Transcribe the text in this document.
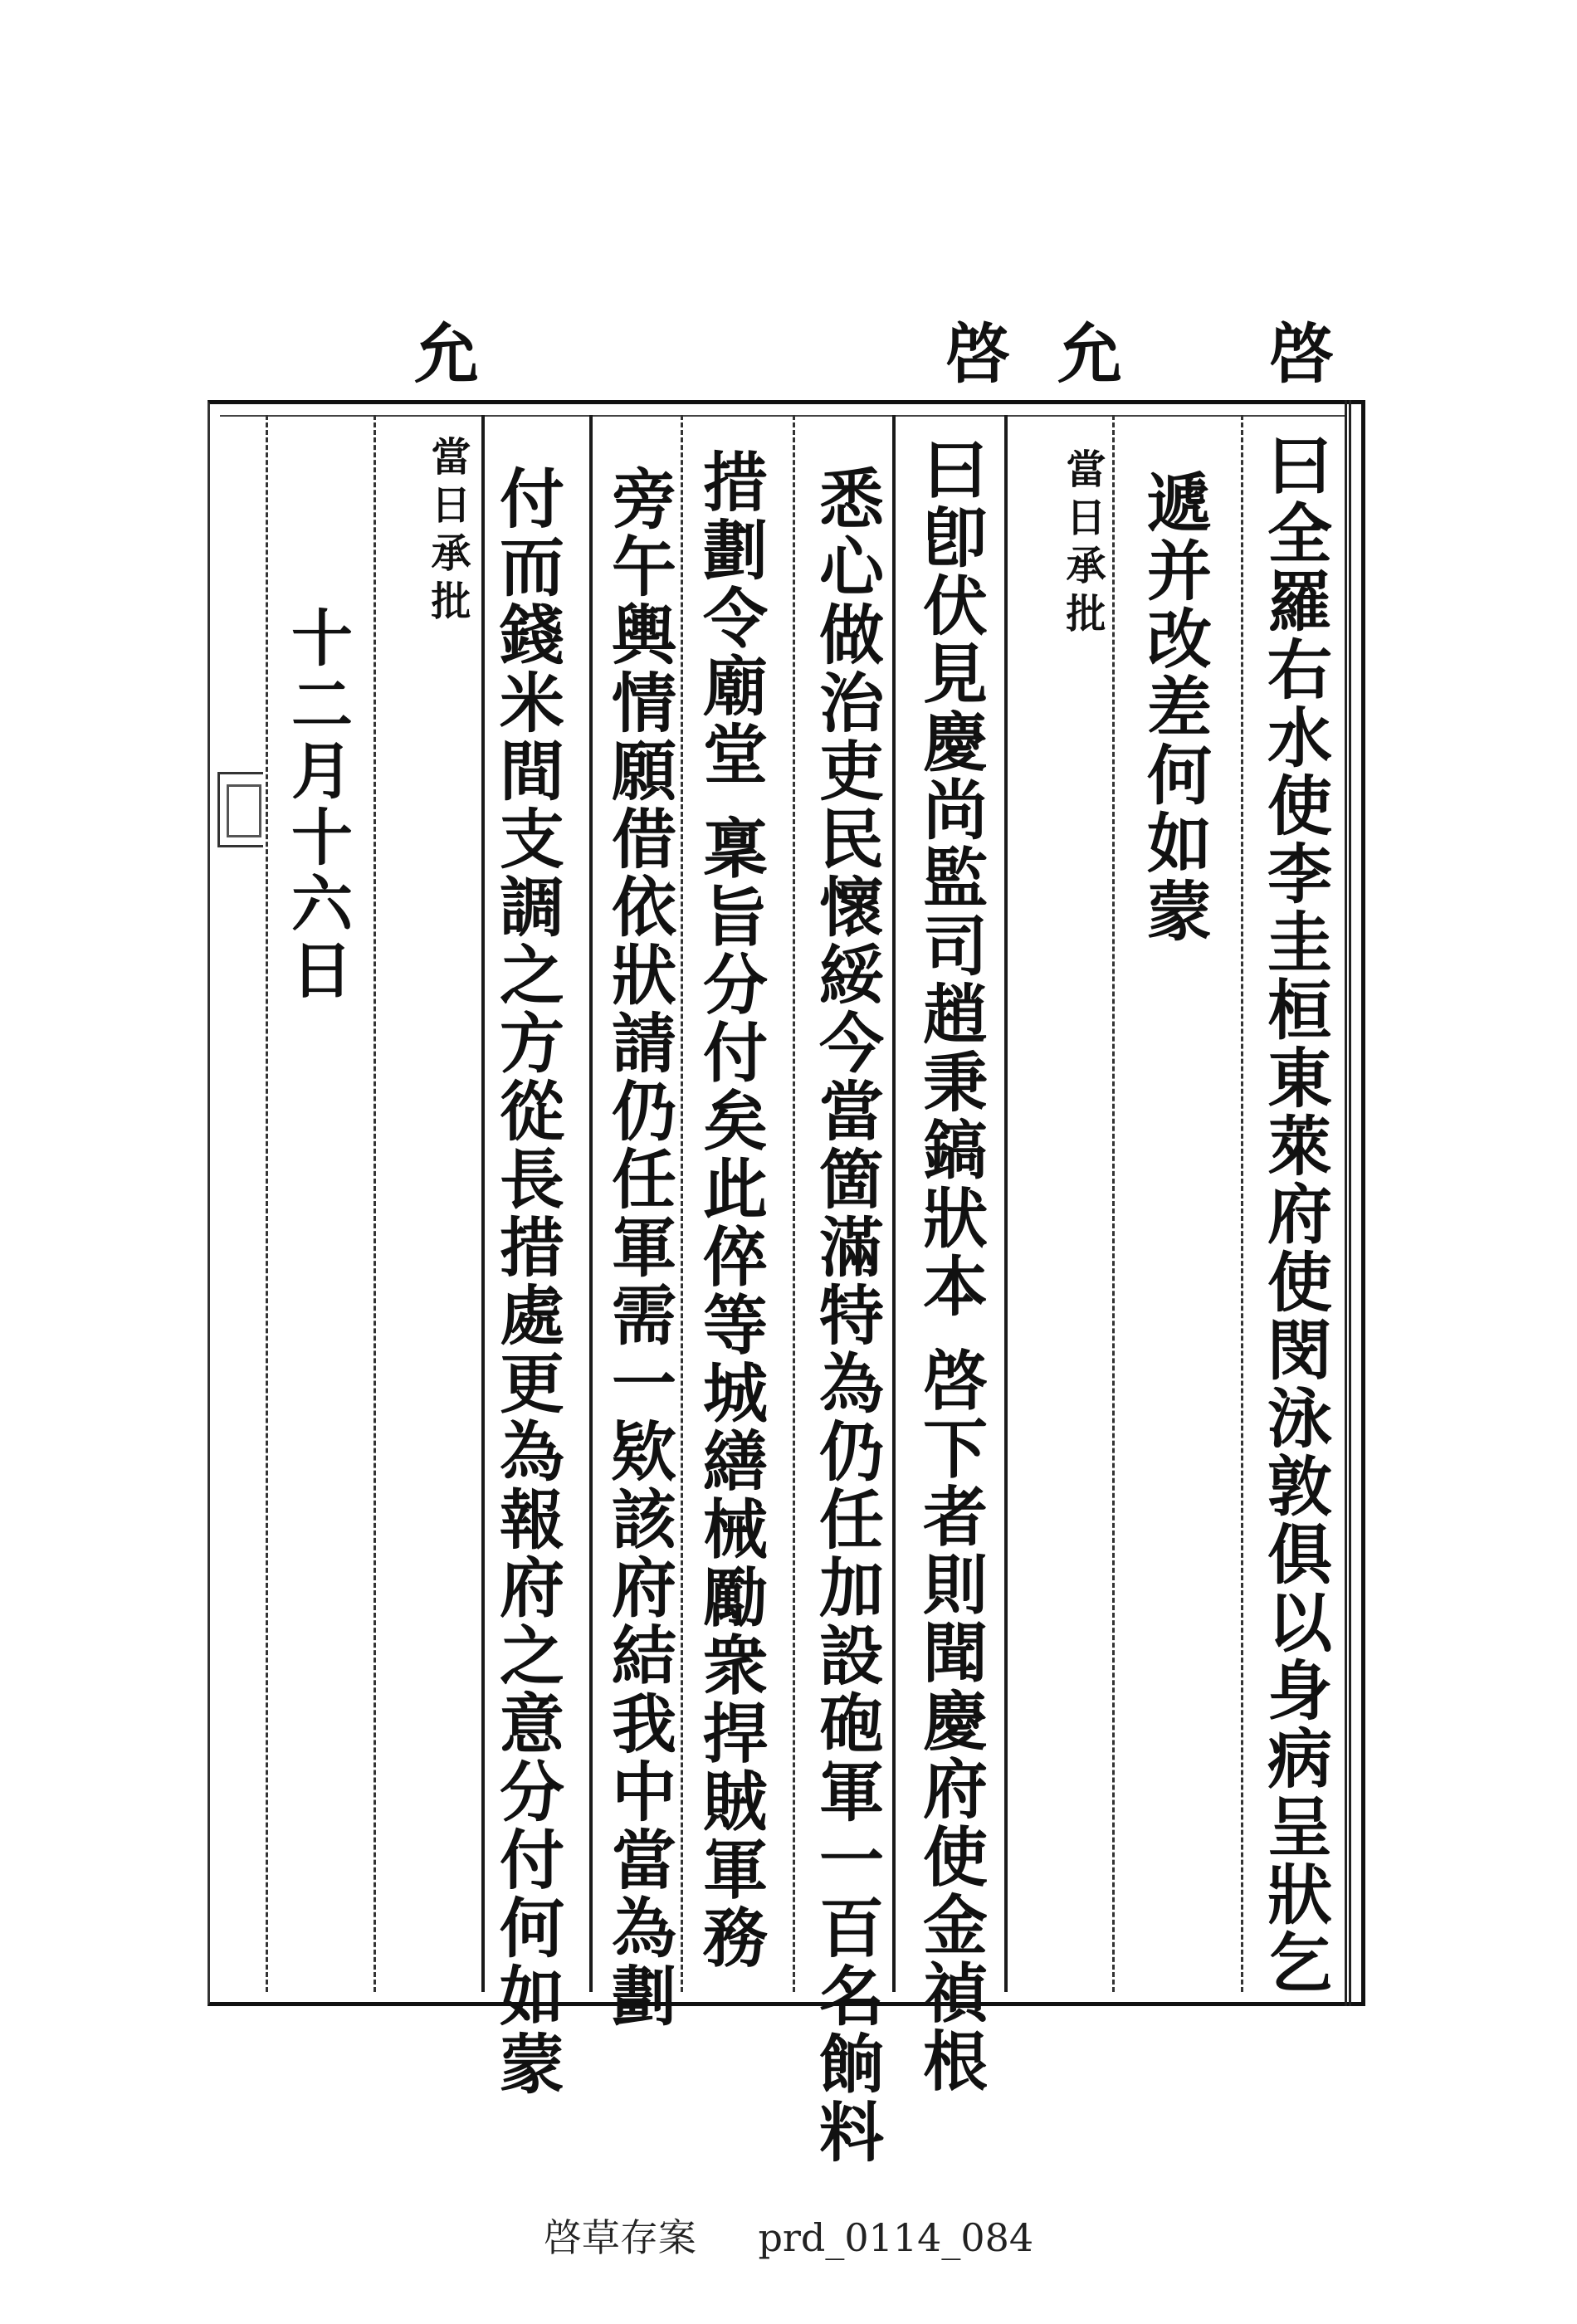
啓
允
啓
允
曰全羅右水使李圭桓東萊府使閔泳敦俱以身病呈狀乞
遞并改差何如蒙
當日承批
曰卽伏見慶尚監司趙秉鎬狀本 啓下者則聞慶府使金禎根
悉心做治吏民懷綏今當箇滿特為仍任加設砲軍一百名餉料
措劃令廟堂 稟旨分付矣此倅等城繕械勵衆捍賊軍務
旁午輿情願借依狀請仍任軍需一欵該府結我中當為劃
付而錢米間支調之方從長措處更為報府之意分付何如蒙
當日承批
十二月十六日
啓草存案 prd_0114_084
